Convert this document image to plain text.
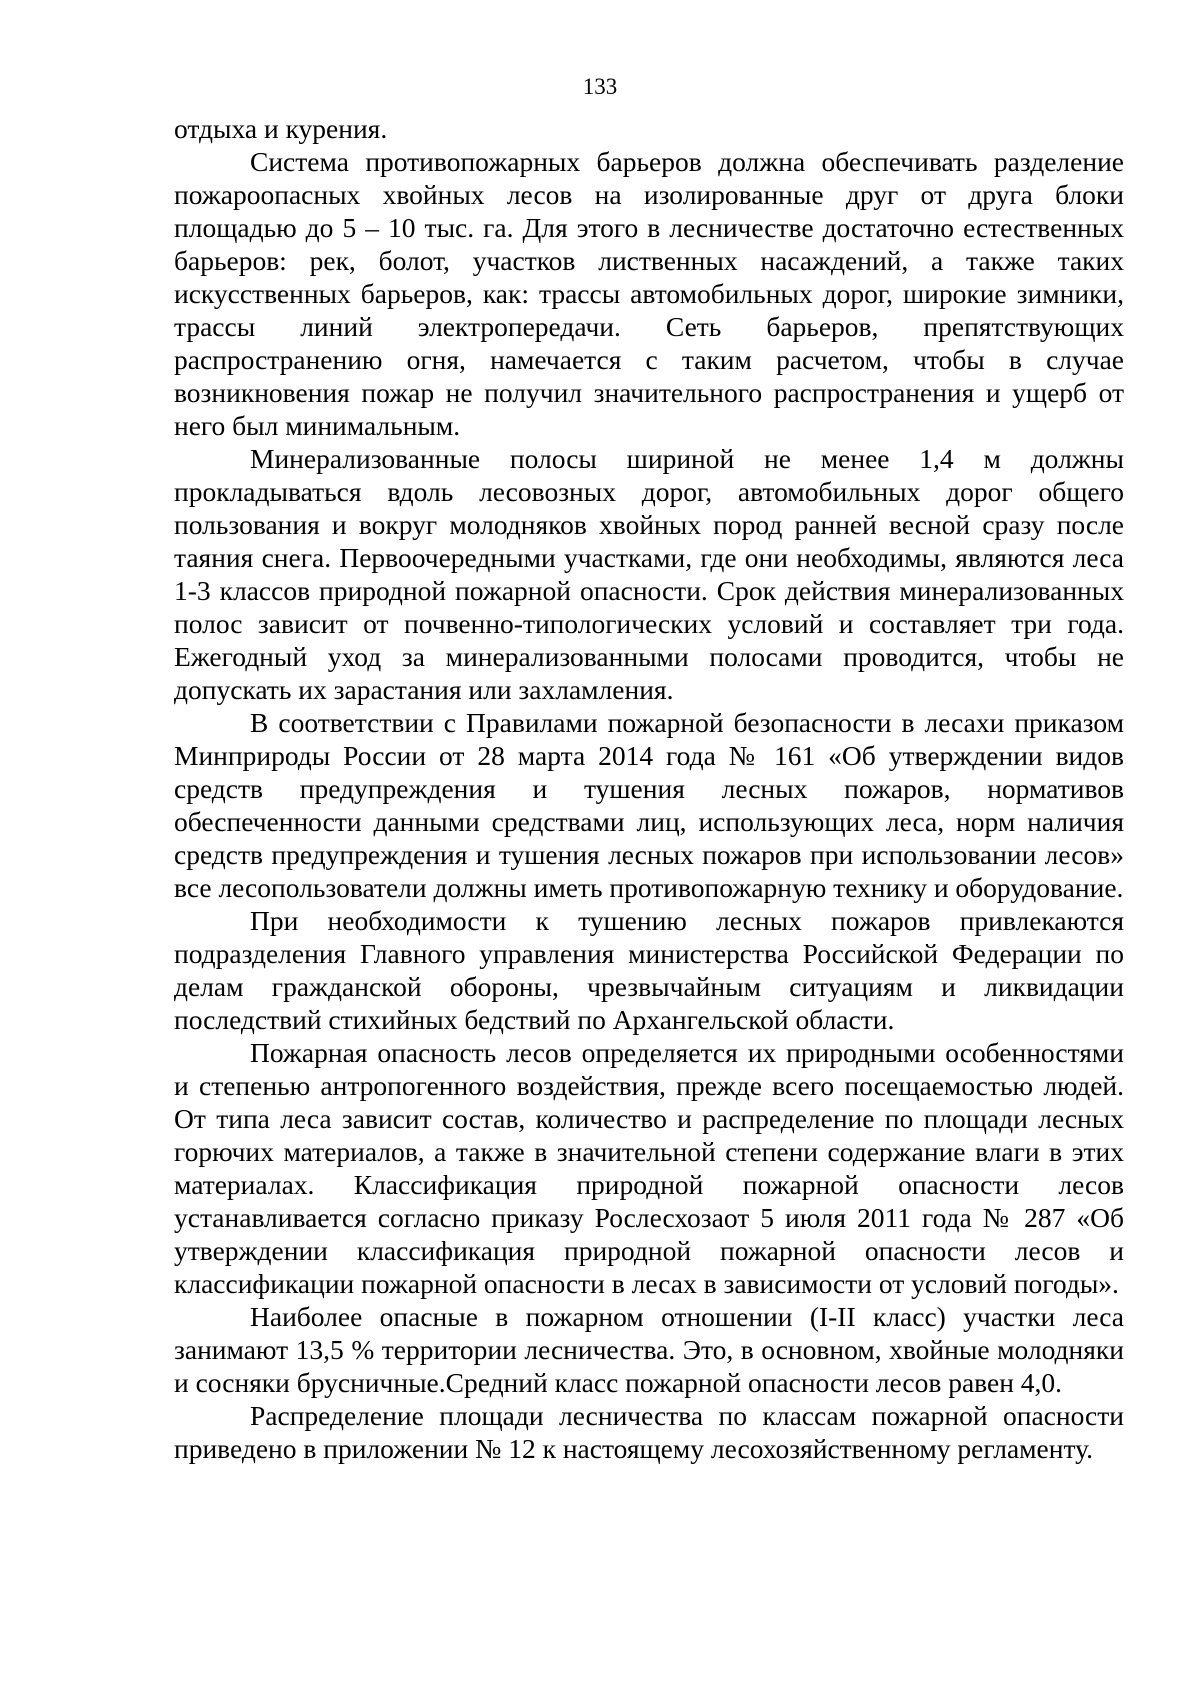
133

отдыха и курения.

Система противопожарных барьеров должна обеспечивать разделение пожароопасных хвойных лесов на изолированные друг от друга блоки площадью до 5 – 10 тыс. га. Для этого в лесничестве достаточно естественных барьеров: рек, болот, участков лиственных насаждений, а также таких искусственных барьеров, как: трассы автомобильных дорог, широкие зимники, трассы линий электропередачи. Сеть барьеров, препятствующих распространению огня, намечается с таким расчетом, чтобы в случае возникновения пожар не получил значительного распространения и ущерб от него был минимальным.

Минерализованные полосы шириной не менее 1,4 м должны прокладываться вдоль лесовозных дорог, автомобильных дорог общего пользования и вокруг молодняков хвойных пород ранней весной сразу после таяния снега. Первоочередными участками, где они необходимы, являются леса 1-3 классов природной пожарной опасности. Срок действия минерализованных полос зависит от почвенно-типологических условий и составляет три года. Ежегодный уход за минерализованными полосами проводится, чтобы не допускать их зарастания или захламления.

В соответствии с Правилами пожарной безопасности в лесахи приказом Минприроды России от 28 марта 2014 года № 161 «Об утверждении видов средств предупреждения и тушения лесных пожаров, нормативов обеспеченности данными средствами лиц, использующих леса, норм наличия средств предупреждения и тушения лесных пожаров при использовании лесов» все лесопользователи должны иметь противопожарную технику и оборудование.

При необходимости к тушению лесных пожаров привлекаются подразделения Главного управления министерства Российской Федерации по делам гражданской обороны, чрезвычайным ситуациям и ликвидации последствий стихийных бедствий по Архангельской области.

Пожарная опасность лесов определяется их природными особенностями и степенью антропогенного воздействия, прежде всего посещаемостью людей. От типа леса зависит состав, количество и распределение по площади лесных горючих материалов, а также в значительной степени содержание влаги в этих материалах. Классификация природной пожарной опасности лесов устанавливается согласно приказу Рослесхозаот 5 июля 2011 года № 287 «Об утверждении классификация природной пожарной опасности лесов и классификации пожарной опасности в лесах в зависимости от условий погоды».

Наиболее опасные в пожарном отношении (I-II класс) участки леса занимают 13,5 % территории лесничества. Это, в основном, хвойные молодняки и сосняки брусничные.Средний класс пожарной опасности лесов равен 4,0.

Распределение площади лесничества по классам пожарной опасности приведено в приложении № 12 к настоящему лесохозяйственному регламенту.
